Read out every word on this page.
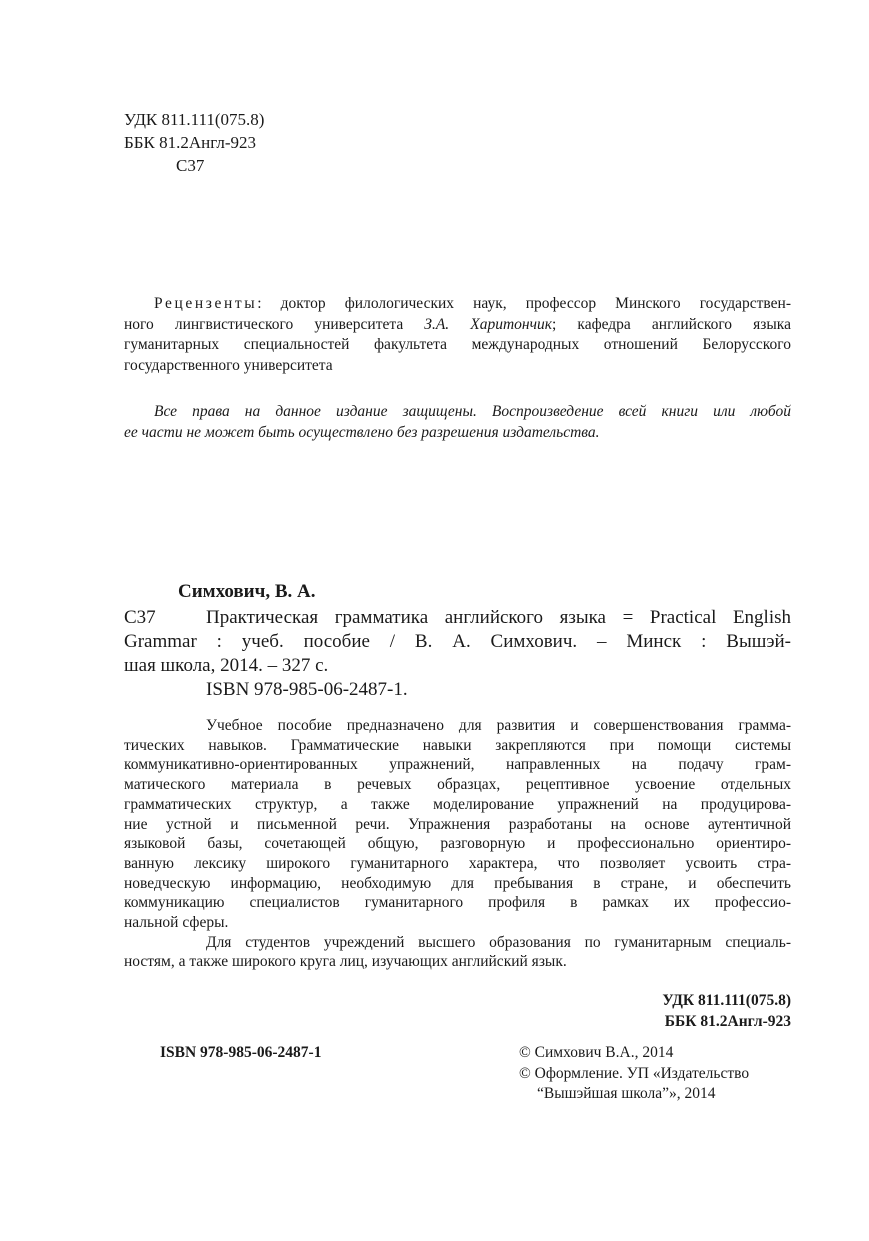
УДК 811.111(075.8)
ББК 81.2Англ-923
С37
Рецензенты: доктор филологических наук, профессор Минского государствен-
ного лингвистического университета З.А. Харитончик; кафедра английского языка
гуманитарных специальностей факультета международных отношений Белорусского
государственного университета
Все права на данное издание защищены. Воспроизведение всей книги или любой
ее части не может быть осуществлено без разрешения издательства.
Симхович, В. А.
С37	Практическая грамматика английского языка = Practical English
Grammar : учеб. пособие / В. А. Симхович. – Минск : Вышэй-
шая школа, 2014. – 327 с.
ISBN 978-985-06-2487-1.
Учебное пособие предназначено для развития и совершенствования грамма-
тических навыков. Грамматические навыки закрепляются при помощи системы
коммуникативно-ориентированных упражнений, направленных на подачу грам-
матического материала в речевых образцах, рецептивное усвоение отдельных
грамматических структур, а также моделирование упражнений на продуцирова-
ние устной и письменной речи. Упражнения разработаны на основе аутентичной
языковой базы, сочетающей общую, разговорную и профессионально ориентиро-
ванную лексику широкого гуманитарного характера, что позволяет усвоить стра-
новедческую информацию, необходимую для пребывания в стране, и обеспечить
коммуникацию специалистов гуманитарного профиля в рамках их профессио-
нальной сферы.
Для студентов учреждений высшего образования по гуманитарным специаль-
ностям, а также широкого круга лиц, изучающих английский язык.
УДК 811.111(075.8)
ББК 81.2Англ-923
ISBN 978-985-06-2487-1	© Симхович В.А., 2014
© Оформление. УП «Издательство
“Вышэйшая школа”», 2014
